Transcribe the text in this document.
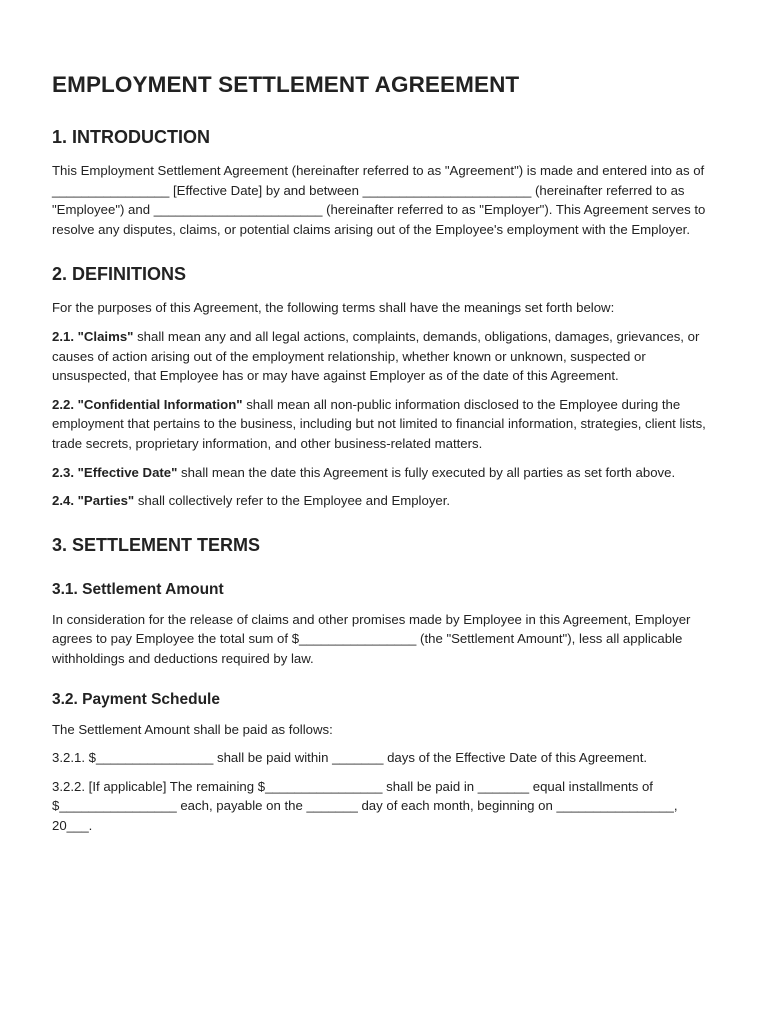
EMPLOYMENT SETTLEMENT AGREEMENT
1. INTRODUCTION

This Employment Settlement Agreement (hereinafter referred to as "Agreement") is made and entered into as of ________________ [Effective Date] by and between _______________________ (hereinafter referred to as "Employee") and _______________________ (hereinafter referred to as "Employer"). This Agreement serves to resolve any disputes, claims, or potential claims arising out of the Employee's employment with the Employer.

2. DEFINITIONS

For the purposes of this Agreement, the following terms shall have the meanings set forth below:

2.1. "Claims" shall mean any and all legal actions, complaints, demands, obligations, damages, grievances, or causes of action arising out of the employment relationship, whether known or unknown, suspected or unsuspected, that Employee has or may have against Employer as of the date of this Agreement.

2.2. "Confidential Information" shall mean all non-public information disclosed to the Employee during the employment that pertains to the business, including but not limited to financial information, strategies, client lists, trade secrets, proprietary information, and other business-related matters.

2.3. "Effective Date" shall mean the date this Agreement is fully executed by all parties as set forth above.

2.4. "Parties" shall collectively refer to the Employee and Employer.

3. SETTLEMENT TERMS
3.1. Settlement Amount

In consideration for the release of claims and other promises made by Employee in this Agreement, Employer agrees to pay Employee the total sum of $________________ (the "Settlement Amount"), less all applicable withholdings and deductions required by law.

3.2. Payment Schedule

The Settlement Amount shall be paid as follows:

3.2.1. $________________ shall be paid within _______ days of the Effective Date of this Agreement.

3.2.2. [If applicable] The remaining $________________ shall be paid in _______ equal installments of $________________ each, payable on the _______ day of each month, beginning on ________________, 20___.
